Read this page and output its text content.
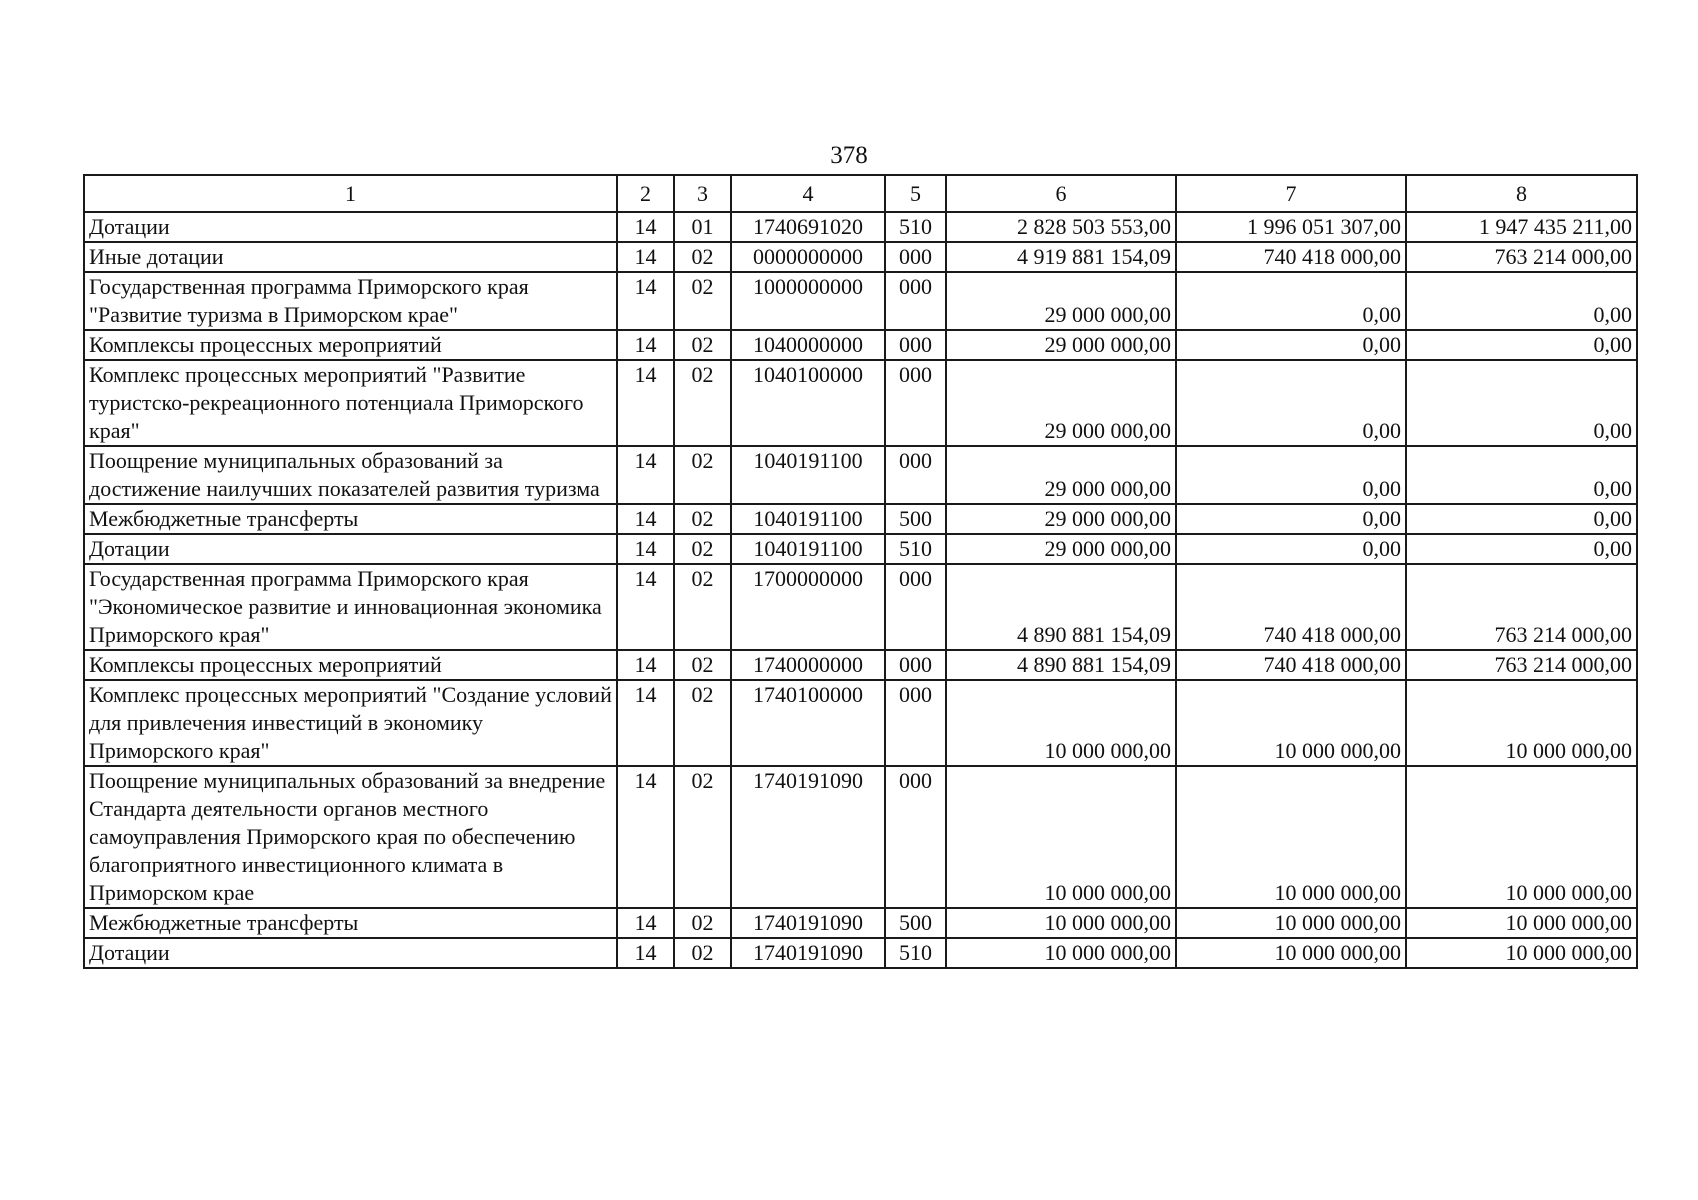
378
1	2	3	4	5	6	7	8
Дотации	14	01	1740691020	510	2 828 503 553,00	1 996 051 307,00	1 947 435 211,00
Иные дотации	14	02	0000000000	000	4 919 881 154,09	740 418 000,00	763 214 000,00
Государственная программа Приморского края "Развитие туризма в Приморском крае"	14	02	1000000000	000	29 000 000,00	0,00	0,00
Комплексы процессных мероприятий	14	02	1040000000	000	29 000 000,00	0,00	0,00
Комплекс процессных мероприятий "Развитие туристско-рекреационного потенциала Приморского края"	14	02	1040100000	000	29 000 000,00	0,00	0,00
Поощрение муниципальных образований за достижение наилучших показателей развития туризма	14	02	1040191100	000	29 000 000,00	0,00	0,00
Межбюджетные трансферты	14	02	1040191100	500	29 000 000,00	0,00	0,00
Дотации	14	02	1040191100	510	29 000 000,00	0,00	0,00
Государственная программа Приморского края "Экономическое развитие и инновационная экономика Приморского края"	14	02	1700000000	000	4 890 881 154,09	740 418 000,00	763 214 000,00
Комплексы процессных мероприятий	14	02	1740000000	000	4 890 881 154,09	740 418 000,00	763 214 000,00
Комплекс процессных мероприятий "Создание условий для привлечения инвестиций в экономику Приморского края"	14	02	1740100000	000	10 000 000,00	10 000 000,00	10 000 000,00
Поощрение муниципальных образований за внедрение Стандарта деятельности органов местного самоуправления Приморского края по обеспечению благоприятного инвестиционного климата в Приморском крае	14	02	1740191090	000	10 000 000,00	10 000 000,00	10 000 000,00
Межбюджетные трансферты	14	02	1740191090	500	10 000 000,00	10 000 000,00	10 000 000,00
Дотации	14	02	1740191090	510	10 000 000,00	10 000 000,00	10 000 000,00
